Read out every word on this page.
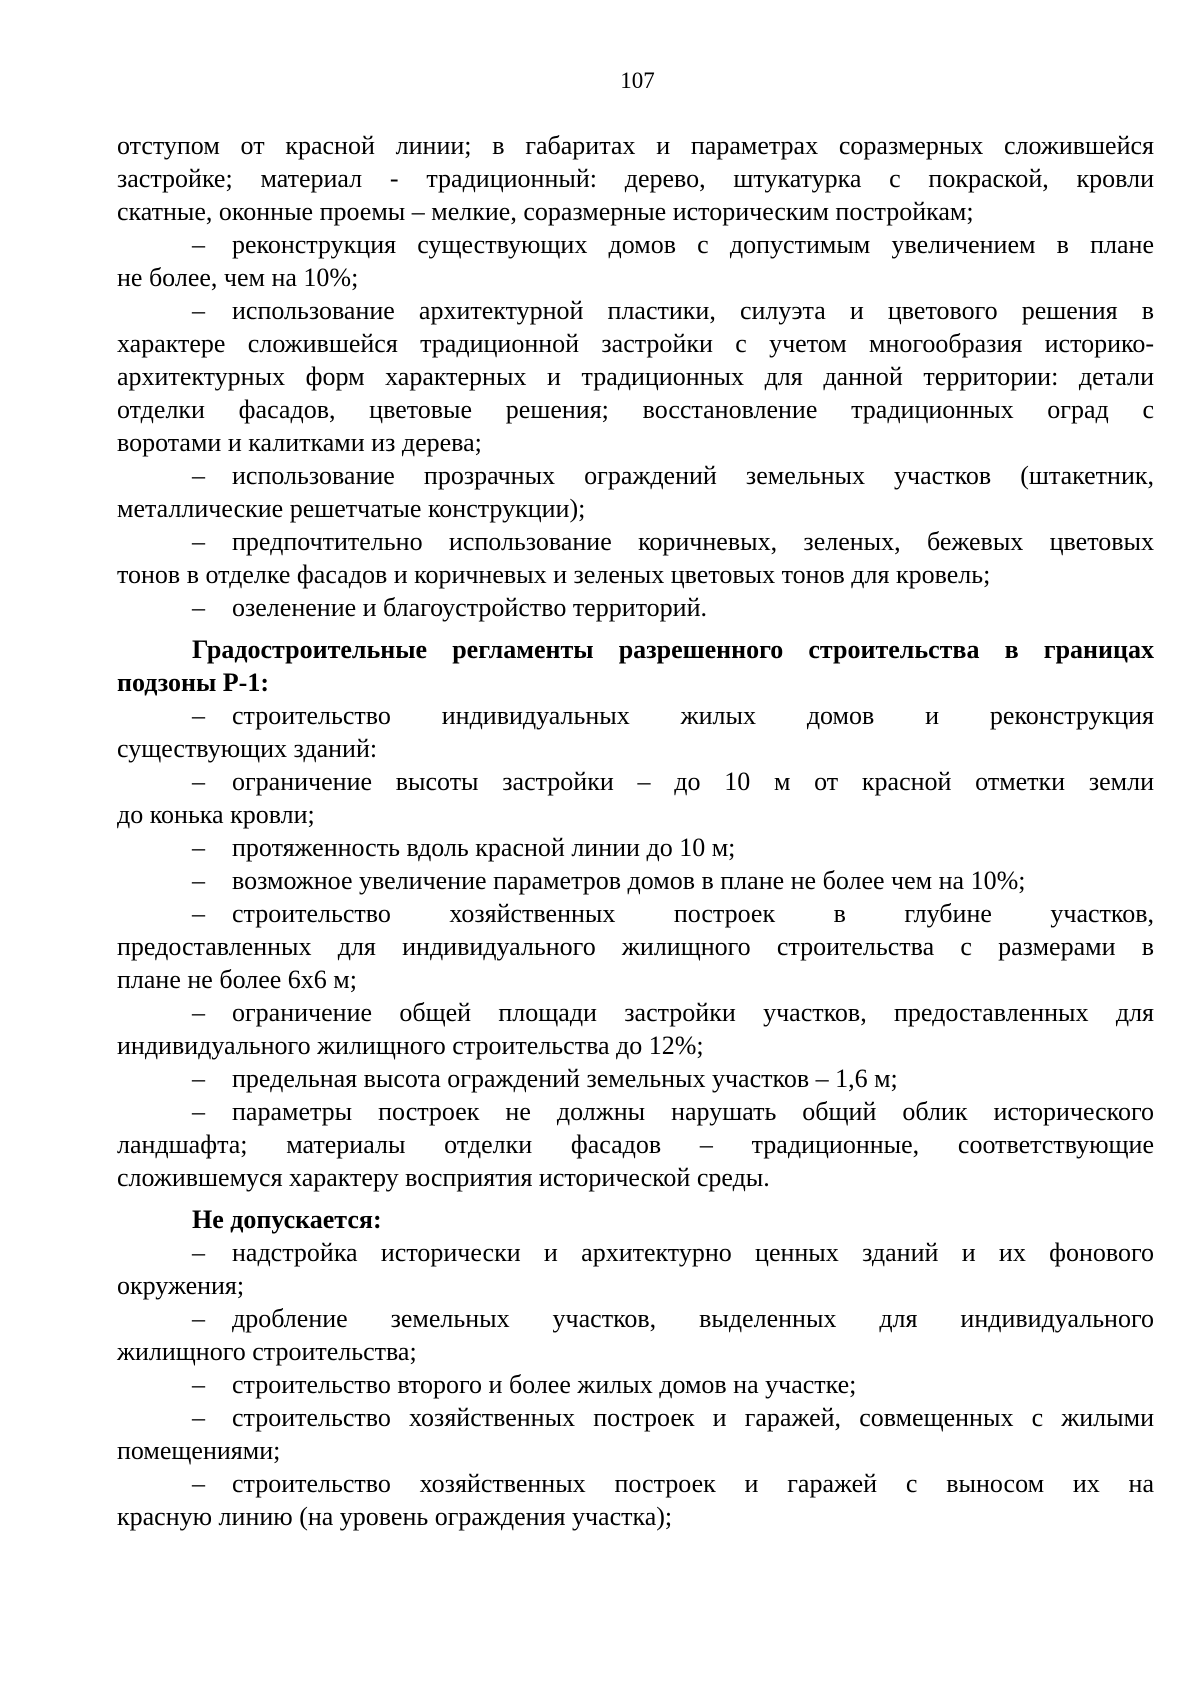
107
отступом от красной линии; в габаритах и параметрах соразмерных сложившейся
застройке; материал - традиционный: дерево, штукатурка с покраской, кровли
скатные, оконные проемы – мелкие, соразмерные историческим постройкам;
– реконструкция существующих домов с допустимым увеличением в плане
не более, чем на 10%;
– использование архитектурной пластики, силуэта и цветового решения в
характере сложившейся традиционной застройки с учетом многообразия историко-
архитектурных форм характерных и традиционных для данной территории: детали
отделки фасадов, цветовые решения; восстановление традиционных оград с
воротами и калитками из дерева;
– использование прозрачных ограждений земельных участков (штакетник,
металлические решетчатые конструкции);
– предпочтительно использование коричневых, зеленых, бежевых цветовых
тонов в отделке фасадов и коричневых и зеленых цветовых тонов для кровель;
– озеленение и благоустройство территорий.
Градостроительные регламенты разрешенного строительства в границах
подзоны Р-1:
– строительство индивидуальных жилых домов и реконструкция
существующих зданий:
– ограничение высоты застройки – до 10 м от красной отметки земли
до конька кровли;
– протяженность вдоль красной линии до 10 м;
– возможное увеличение параметров домов в плане не более чем на 10%;
– строительство хозяйственных построек в глубине участков,
предоставленных для индивидуального жилищного строительства с размерами в
плане не более 6х6 м;
– ограничение общей площади застройки участков, предоставленных для
индивидуального жилищного строительства до 12%;
– предельная высота ограждений земельных участков – 1,6 м;
– параметры построек не должны нарушать общий облик исторического
ландшафта; материалы отделки фасадов – традиционные, соответствующие
сложившемуся характеру восприятия исторической среды.
Не допускается:
– надстройка исторически и архитектурно ценных зданий и их фонового
окружения;
– дробление земельных участков, выделенных для индивидуального
жилищного строительства;
– строительство второго и более жилых домов на участке;
– строительство хозяйственных построек и гаражей, совмещенных с жилыми
помещениями;
– строительство хозяйственных построек и гаражей с выносом их на
красную линию (на уровень ограждения участка);
